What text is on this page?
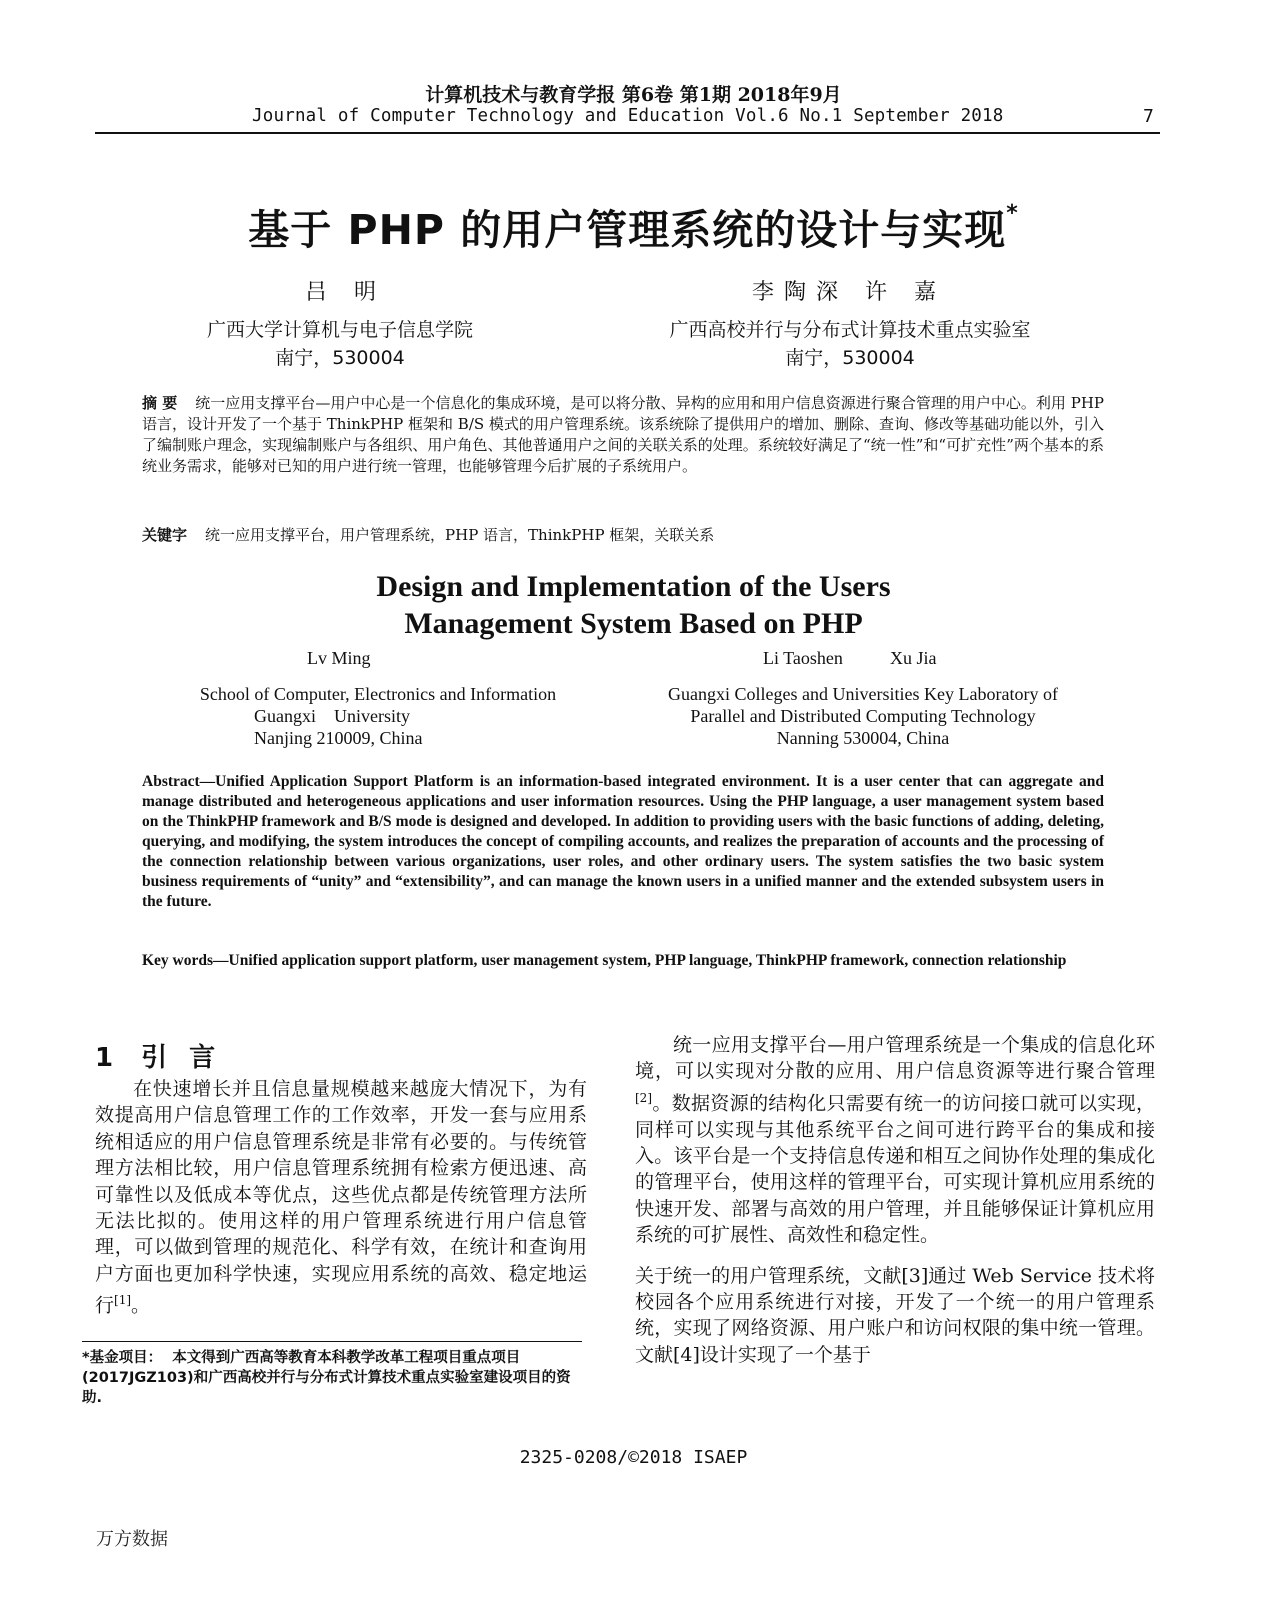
计算机技术与教育学报 第6卷 第1期 2018年9月
Journal of Computer Technology and Education Vol.6 No.1 September 2018	7
基于 PHP 的用户管理系统的设计与实现*
吕 明	李陶深 许 嘉
广西大学计算机与电子信息学院
南宁，530004
广西高校并行与分布式计算技术重点实验室
南宁，530004
摘 要 统一应用支撑平台—用户中心是一个信息化的集成环境，是可以将分散、异构的应用和用户信息资源进行聚合管理的用户中心。利用 PHP 语言，设计开发了一个基于 ThinkPHP 框架和 B/S 模式的用户管理系统。该系统除了提供用户的增加、删除、查询、修改等基础功能以外，引入了编制账户理念，实现编制账户与各组织、用户角色、其他普通用户之间的关联关系的处理。系统较好满足了“统一性”和“可扩充性”两个基本的系统业务需求，能够对已知的用户进行统一管理，也能够管理今后扩展的子系统用户。
关键字 统一应用支撑平台，用户管理系统，PHP 语言，ThinkPHP 框架，关联关系
Design and Implementation of the Users
Management System Based on PHP
Lv Ming	Li Taoshen	Xu Jia
School of Computer, Electronics and Information
Guangxi    University
Nanjing 210009, China
Guangxi Colleges and Universities Key Laboratory of
Parallel and Distributed Computing Technology
Nanning 530004, China
Abstract—Unified Application Support Platform is an information-based integrated environment. It is a user center that can aggregate and manage distributed and heterogeneous applications and user information resources. Using the PHP language, a user management system based on the ThinkPHP framework and B/S mode is designed and developed. In addition to providing users with the basic functions of adding, deleting, querying, and modifying, the system introduces the concept of compiling accounts, and realizes the preparation of accounts and the processing of the connection relationship between various organizations, user roles, and other ordinary users. The system satisfies the two basic system business requirements of “unity” and “extensibility”, and can manage the known users in a unified manner and the extended subsystem users in the future.
Key words—Unified application support platform, user management system, PHP language, ThinkPHP framework, connection relationship
1 引言

在快速增长并且信息量规模越来越庞大情况下，为有效提高用户信息管理工作的工作效率，开发一套与应用系统相适应的用户信息管理系统是非常有必要的。与传统管理方法相比较，用户信息管理系统拥有检索方便迅速、高可靠性以及低成本等优点，这些优点都是传统管理方法所无法比拟的。使用这样的用户管理系统进行用户信息管理，可以做到管理的规范化、科学有效，在统计和查询用户方面也更加科学快速，实现应用系统的高效、稳定地运行[1]。

*基金项目： 本文得到广西高等教育本科教学改革工程项目重点项目(2017JGZ103)和广西高校并行与分布式计算技术重点实验室建设项目的资助.

统一应用支撑平台—用户管理系统是一个集成的信息化环境，可以实现对分散的应用、用户信息资源等进行聚合管理[2]。数据资源的结构化只需要有统一的访问接口就可以实现，同样可以实现与其他系统平台之间可进行跨平台的集成和接入。该平台是一个支持信息传递和相互之间协作处理的集成化的管理平台，使用这样的管理平台，可实现计算机应用系统的快速开发、部署与高效的用户管理，并且能够保证计算机应用系统的可扩展性、高效性和稳定性。

关于统一的用户管理系统，文献[3]通过 Web Service 技术将校园各个应用系统进行对接，开发了一个统一的用户管理系统，实现了网络资源、用户账户和访问权限的集中统一管理。文献[4]设计实现了一个基于

2325-0208/©2018 ISAEP
万方数据
